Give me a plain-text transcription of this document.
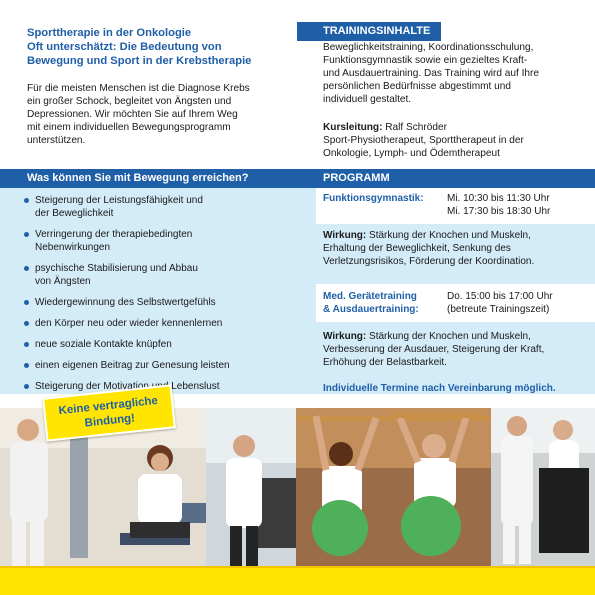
Sporttherapie in der Onkologie
Oft unterschätzt: Die Bedeutung von
Bewegung und Sport in der Krebstherapie
Für die meisten Menschen ist die Diagnose Krebs
ein großer Schock, begleitet von Ängsten und
Depressionen. Wir möchten Sie auf Ihrem Weg
mit einem individuellen Bewegungsprogramm
unterstützen.
Was können Sie mit Bewegung erreichen?
Steigerung der Leistungsfähigkeit und
der Beweglichkeit
Verringerung der therapiebedingten
Nebenwirkungen
psychische Stabilisierung und Abbau
von Ängsten
Wiedergewinnung des Selbstwertgefühls
den Körper neu oder wieder kennenlernen
neue soziale Kontakte knüpfen
einen eigenen Beitrag zur Genesung leisten
Steigerung der Motivation und Lebenslust
TRAININGSINHALTE
Beweglichkeitstraining, Koordinationsschulung,
Funktionsgymnastik sowie ein gezieltes Kraft-
und Ausdauertraining. Das Training wird auf Ihre
persönlichen Bedürfnisse abgestimmt und
individuell gestaltet.
Kursleitung: Ralf Schröder
Sport-Physiotherapeut, Sporttherapeut in der
Onkologie, Lymph- und Ödemtherapeut
PROGRAMM
Funktionsgymnastik: Mi. 10:30 bis 11:30 Uhr
Mi. 17:30 bis 18:30 Uhr
Wirkung: Stärkung der Knochen und Muskeln,
Erhaltung der Beweglichkeit, Senkung des
Verletzungsrisikos, Förderung der Koordination.
Med. Gerätetraining
& Ausdauertraining:
Do. 15:00 bis 17:00 Uhr
(betreute Trainingszeit)
Wirkung: Stärkung der Knochen und Muskeln,
Verbesserung der Ausdauer, Steigerung der Kraft,
Erhöhung der Belastbarkeit.
Individuelle Termine nach Vereinbarung möglich.
Keine vertragliche
Bindung!
